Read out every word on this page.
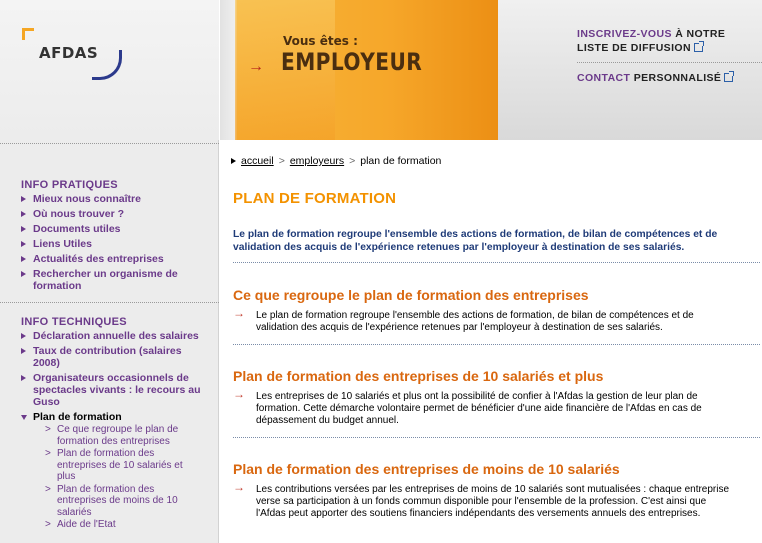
AFDAS
INFO PRATIQUES
Mieux nous connaître
Où nous trouver ?
Documents utiles
Liens Utiles
Actualités des entreprises
Rechercher un organisme de formation
INFO TECHNIQUES
Déclaration annuelle des salaires
Taux de contribution (salaires 2008)
Organisateurs occasionnels de spectacles vivants : le recours au Guso
Plan de formation
> Ce que regroupe le plan de formation des entreprises
> Plan de formation des entreprises de 10 salariés et plus
> Plan de formation des entreprises de moins de 10 salariés
> Aide de l'Etat
Vous êtes :
→ EMPLOYEUR
INSCRIVEZ-VOUS À NOTRE
LISTE DE DIFFUSION
CONTACT PERSONNALISÉ
accueil > employeurs > plan de formation
PLAN DE FORMATION
Le plan de formation regroupe l'ensemble des actions de formation, de bilan de compétences et de validation des acquis de l'expérience retenues par l'employeur à destination de ses salariés.
Ce que regroupe le plan de formation des entreprises
→ Le plan de formation regroupe l'ensemble des actions de formation, de bilan de compétences et de validation des acquis de l'expérience retenues par l'employeur à destination de ses salariés.
Plan de formation des entreprises de 10 salariés et plus
→ Les entreprises de 10 salariés et plus ont la possibilité de confier à l'Afdas la gestion de leur plan de formation. Cette démarche volontaire permet de bénéficier d'une aide financière de l'Afdas en cas de dépassement du budget annuel.
Plan de formation des entreprises de moins de 10 salariés
→ Les contributions versées par les entreprises de moins de 10 salariés sont mutualisées : chaque entreprise verse sa participation à un fonds commun disponible pour l'ensemble de la profession. C'est ainsi que l'Afdas peut apporter des soutiens financiers indépendants des versements annuels des entreprises.
